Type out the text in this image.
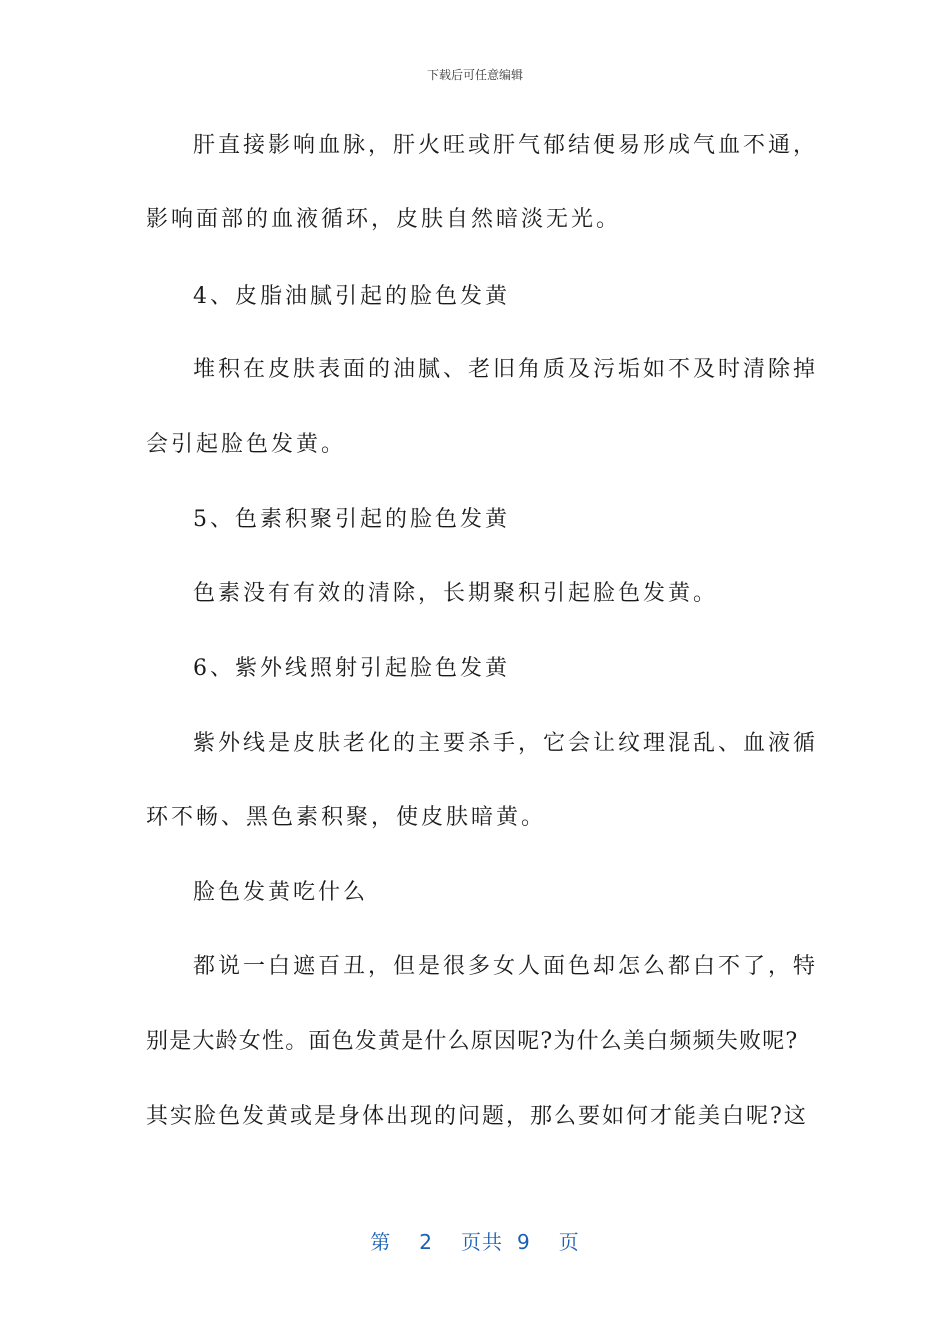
下载后可任意编辑
肝直接影响血脉，肝火旺或肝气郁结便易形成气血不通，
影响面部的血液循环，皮肤自然暗淡无光。
4、皮脂油腻引起的脸色发黄
堆积在皮肤表面的油腻、老旧角质及污垢如不及时清除掉
会引起脸色发黄。
5、色素积聚引起的脸色发黄
色素没有有效的清除，长期聚积引起脸色发黄。
6、紫外线照射引起脸色发黄
紫外线是皮肤老化的主要杀手，它会让纹理混乱、血液循
环不畅、黑色素积聚，使皮肤暗黄。
脸色发黄吃什么
都说一白遮百丑，但是很多女人面色却怎么都白不了，特
别是大龄女性。面色发黄是什么原因呢?为什么美白频频失败呢?
其实脸色发黄或是身体出现的问题，那么要如何才能美白呢?这
第 2 页共 9 页
